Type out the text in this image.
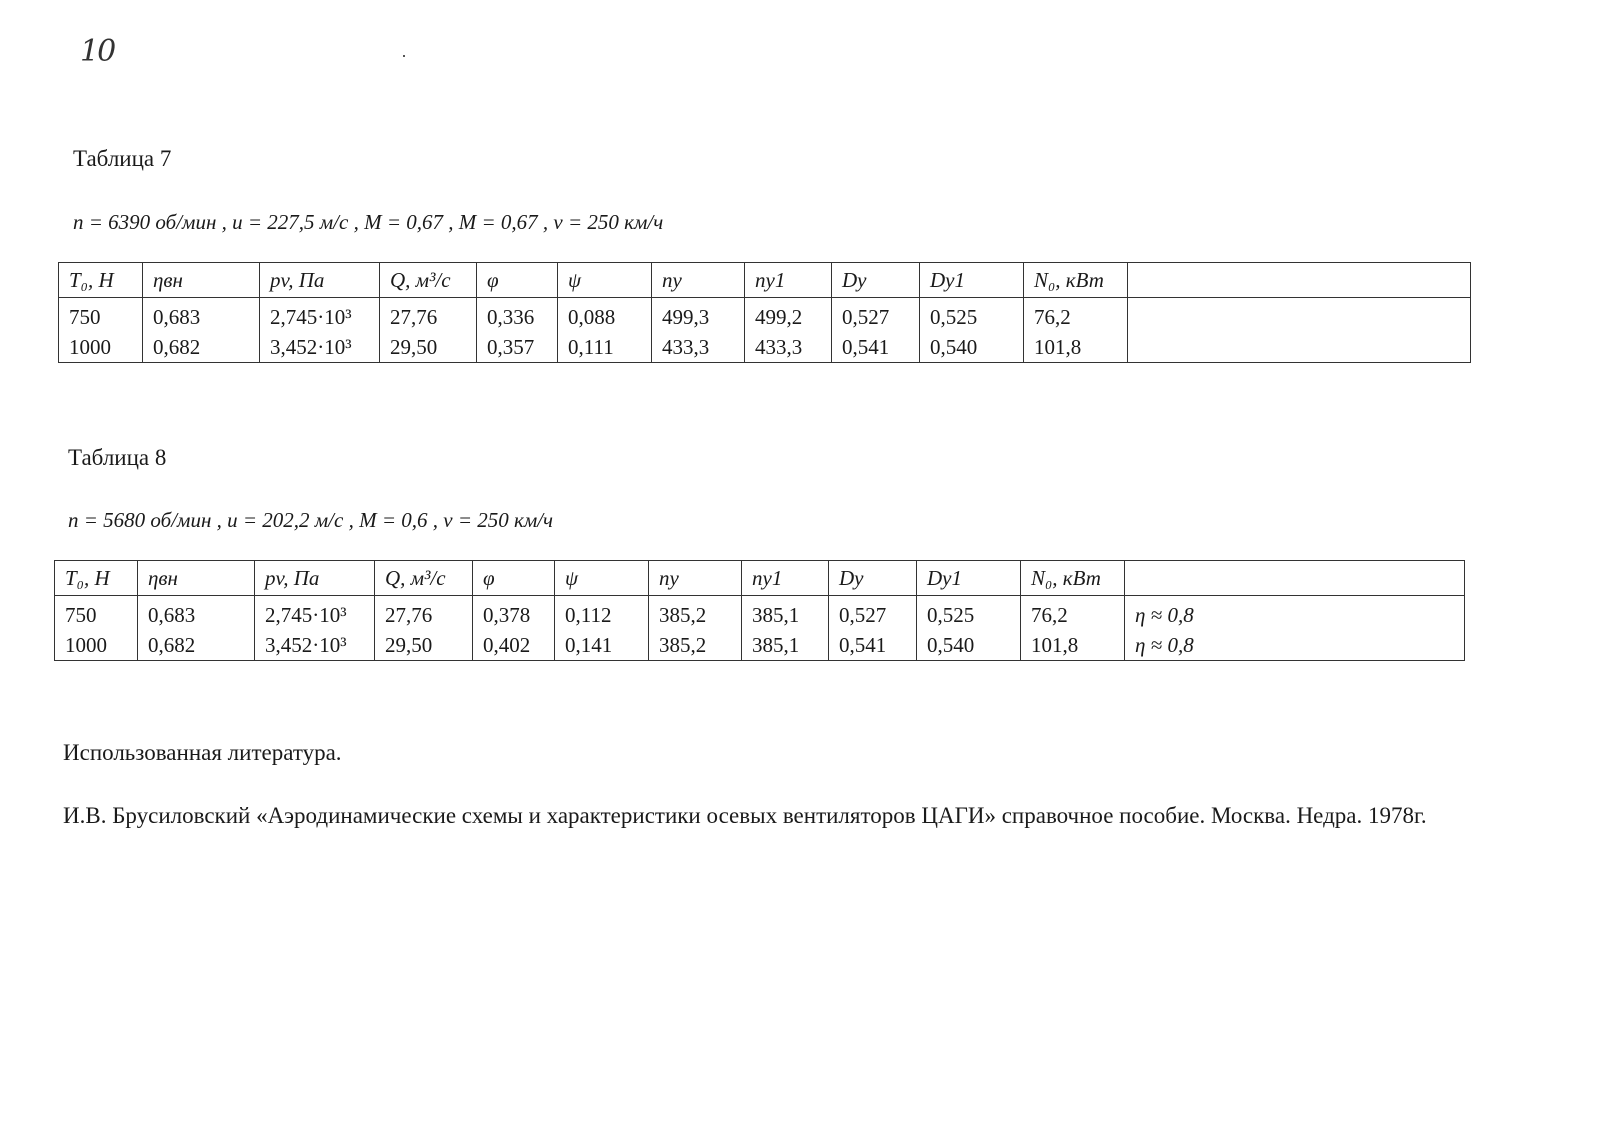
10
Таблица 7
n = 6390 об/мин , u = 227,5 м/с , M = 0,67 , M = 0,67 , v = 250 км/ч
T₀, Н	ηвн	pv, Па	Q, м³/с	φ	ψ	ny	ny1	Dy	Dy1	N₀, кВт	
750	0,683	2,745·10³	27,76	0,336	0,088	499,3	499,2	0,527	0,525	76,2	
1000	0,682	3,452·10³	29,50	0,357	0,111	433,3	433,3	0,541	0,540	101,8	
Таблица 8
n = 5680 об/мин , u = 202,2 м/с , M = 0,6 , v = 250 км/ч
T₀, Н	ηвн	pv, Па	Q, м³/с	φ	ψ	ny	ny1	Dy	Dy1	N₀, кВт	
750	0,683	2,745·10³	27,76	0,378	0,112	385,2	385,1	0,527	0,525	76,2	η ≈ 0,8
1000	0,682	3,452·10³	29,50	0,402	0,141	385,2	385,1	0,541	0,540	101,8	η ≈ 0,8
Использованная литература.
И.В. Брусиловский «Аэродинамические схемы и характеристики осевых вентиляторов ЦАГИ» справочное пособие. Москва. Недра. 1978г.
